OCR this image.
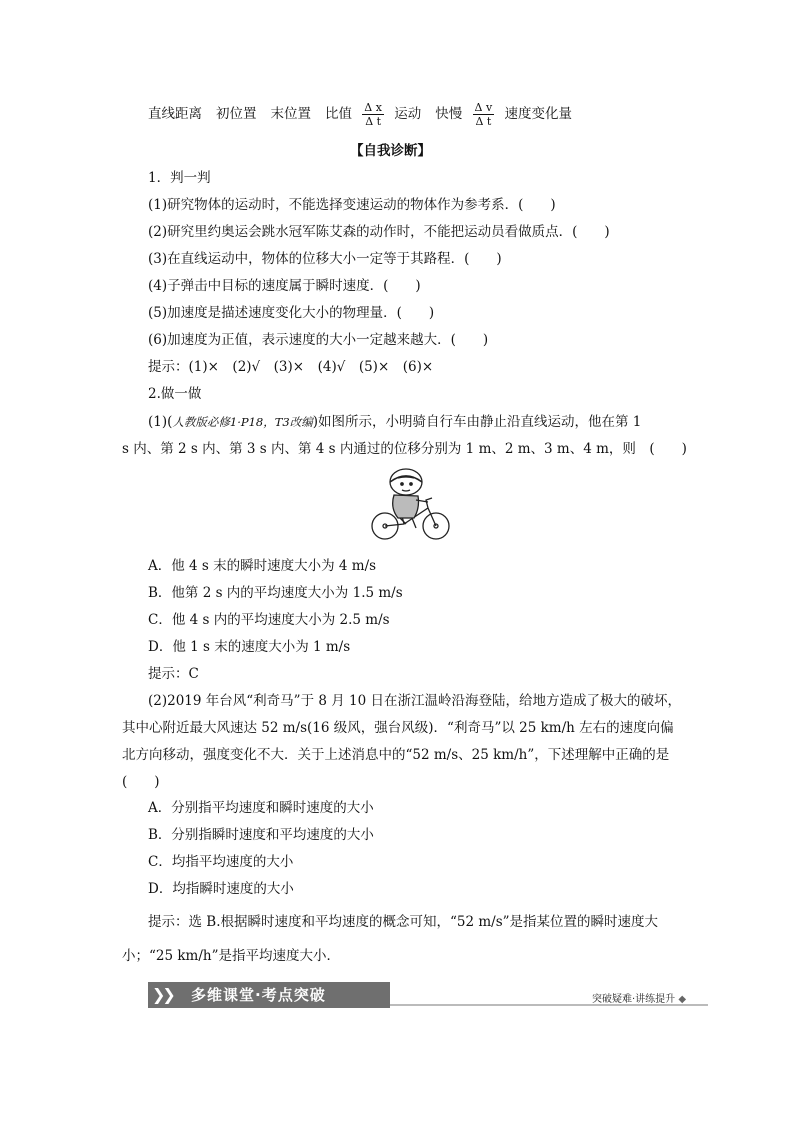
直线距离 初位置 末位置 比值 $\frac{\text{Δ x}}{\text{Δ t}}$ 运动 快慢 $\frac{\text{Δ v}}{\text{Δ t}}$ 速度变化量
【自我诊断】
1．判一判
(1)研究物体的运动时，不能选择变速运动的物体作为参考系．(　　)
(2)研究里约奥运会跳水冠军陈艾森的动作时，不能把运动员看做质点．(　　)
(3)在直线运动中，物体的位移大小一定等于其路程．(　　)
(4)子弹击中目标的速度属于瞬时速度．(　　)
(5)加速度是描述速度变化大小的物理量．(　　)
(6)加速度为正值，表示速度的大小一定越来越大．(　　)
提示：(1)×　(2)√　(3)×　(4)√　(5)×　(6)×
2.做一做
(1)(人教版必修1·P18，T3改编)如图所示，小明骑自行车由静止沿直线运动，他在第 1
s 内、第 2 s 内、第 3 s 内、第 4 s 内通过的位移分别为 1 m、2 m、3 m、4 m，则　(　　)
A．他 4 s 末的瞬时速度大小为 4 m/s
B．他第 2 s 内的平均速度大小为 1.5 m/s
C．他 4 s 内的平均速度大小为 2.5 m/s
D．他 1 s 末的速度大小为 1 m/s
提示：C
(2)2019 年台风“利奇马”于 8 月 10 日在浙江温岭沿海登陆，给地方造成了极大的破坏，
其中心附近最大风速达 52 m/s(16 级风，强台风级)．“利奇马”以 25 km/h 左右的速度向偏
北方向移动，强度变化不大．关于上述消息中的“52 m/s、25 km/h”，下述理解中正确的是
(　　)
A．分别指平均速度和瞬时速度的大小
B．分别指瞬时速度和平均速度的大小
C．均指平均速度的大小
D．均指瞬时速度的大小
提示：选 B.根据瞬时速度和平均速度的概念可知，“52 m/s”是指某位置的瞬时速度大
小；“25 km/h”是指平均速度大小．
❯❯ 多维课堂·考点突破	突破疑难·讲练提升 ◆
